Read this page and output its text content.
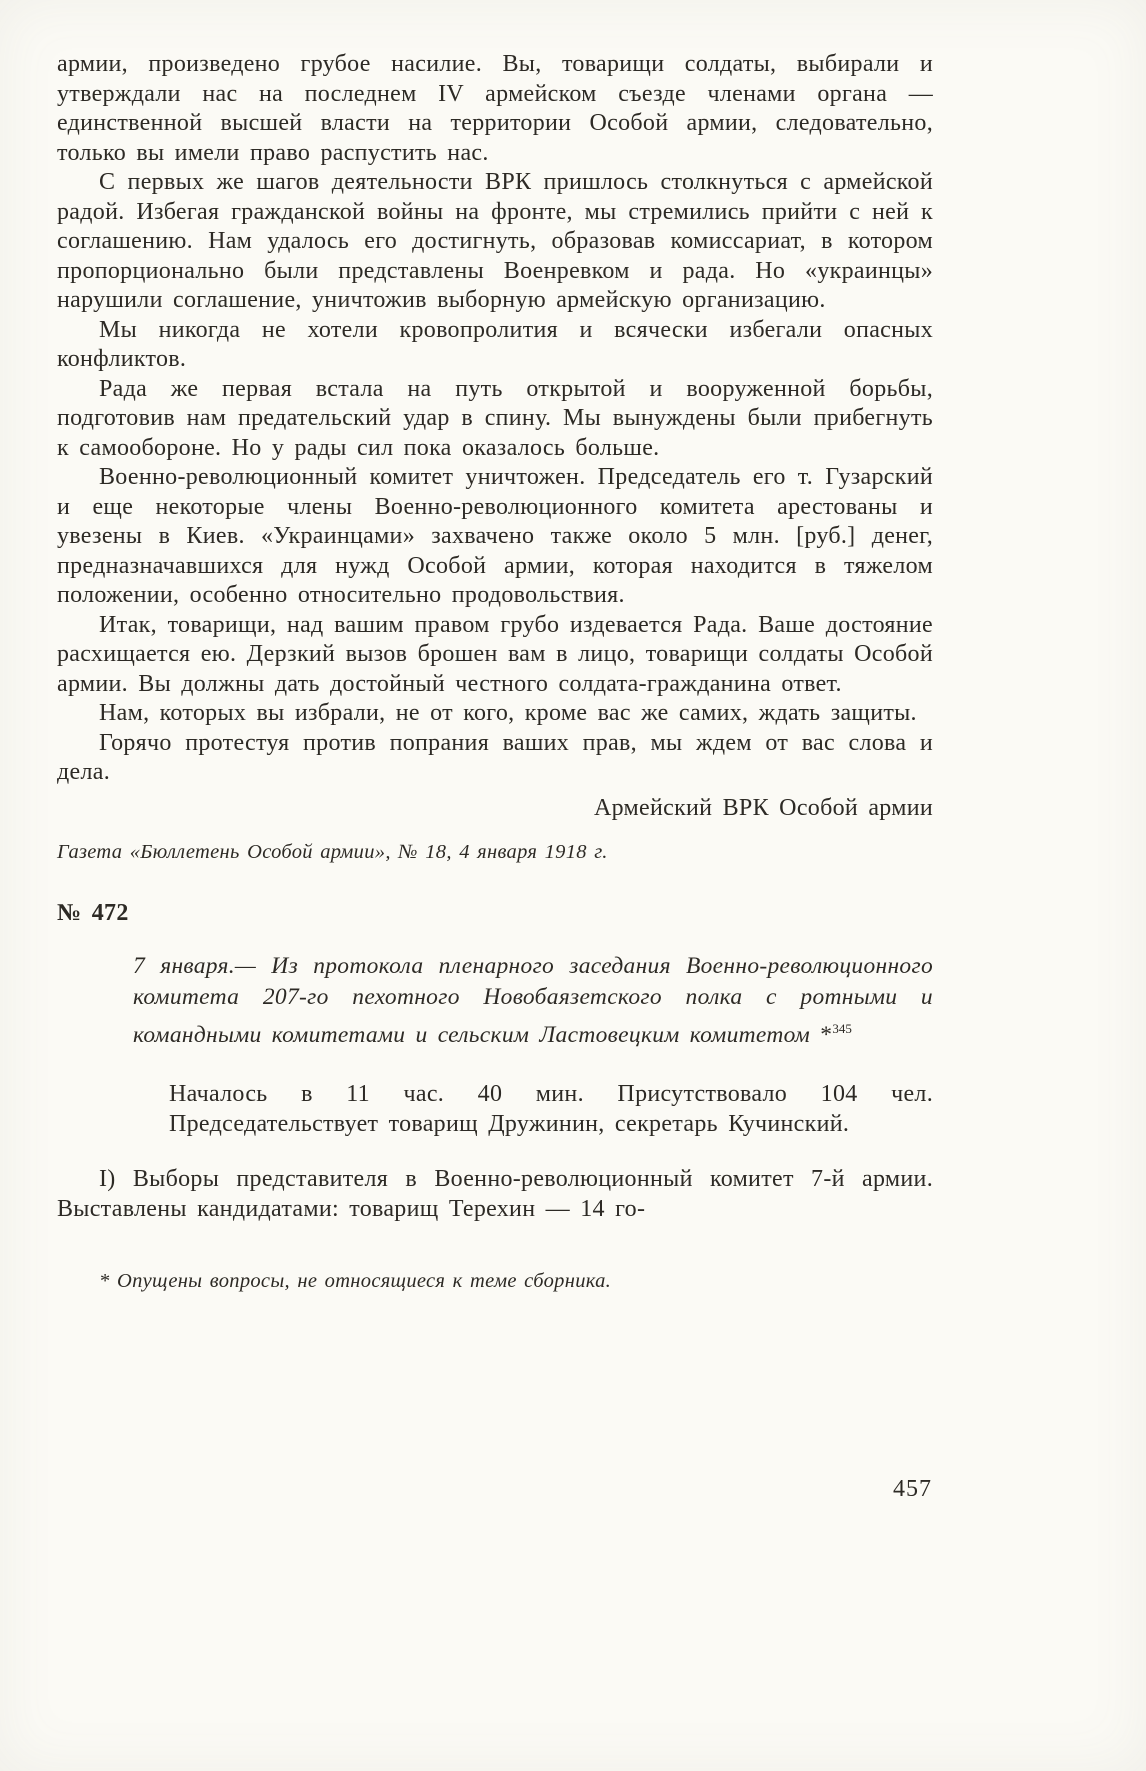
армии, произведено грубое насилие. Вы, товарищи солдаты, выбирали и утверждали нас на последнем IV армейском съезде членами органа — единственной высшей власти на территории Особой армии, следовательно, только вы имели право распустить нас.

С первых же шагов деятельности ВРК пришлось столкнуться с армейской радой. Избегая гражданской войны на фронте, мы стремились прийти с ней к соглашению. Нам удалось его достигнуть, образовав комиссариат, в котором пропорционально были представлены Военревком и рада. Но «украинцы» нарушили соглашение, уничтожив выборную армейскую организацию.

Мы никогда не хотели кровопролития и всячески избегали опасных конфликтов.

Рада же первая встала на путь открытой и вооруженной борьбы, подготовив нам предательский удар в спину. Мы вынуждены были прибегнуть к самообороне. Но у рады сил пока оказалось больше.

Военно-революционный комитет уничтожен. Председатель его т. Гузарский и еще некоторые члены Военно-революционного комитета арестованы и увезены в Киев. «Украинцами» захвачено также около 5 млн. [руб.] денег, предназначавшихся для нужд Особой армии, которая находится в тяжелом положении, особенно относительно продовольствия.

Итак, товарищи, над вашим правом грубо издевается Рада. Ваше достояние расхищается ею. Дерзкий вызов брошен вам в лицо, товарищи солдаты Особой армии. Вы должны дать достойный честного солдата-гражданина ответ.

Нам, которых вы избрали, не от кого, кроме вас же самих, ждать защиты.

Горячо протестуя против попрания ваших прав, мы ждем от вас слова и дела.

Армейский ВРК Особой армии

Газета «Бюллетень Особой армии», № 18, 4 января 1918 г.

№ 472

7 января.— Из протокола пленарного заседания Военно-революционного комитета 207-го пехотного Новобаязетского полка с ротными и командными комитетами и сельским Ластовецким комитетом *$^{345}$

Началось в 11 час. 40 мин. Присутствовало 104 чел. Председательствует товарищ Дружинин, секретарь Кучинский.

I) Выборы представителя в Военно-революционный комитет 7-й армии. Выставлены кандидатами: товарищ Терехин — 14 го-

* Опущены вопросы, не относящиеся к теме сборника.

457
